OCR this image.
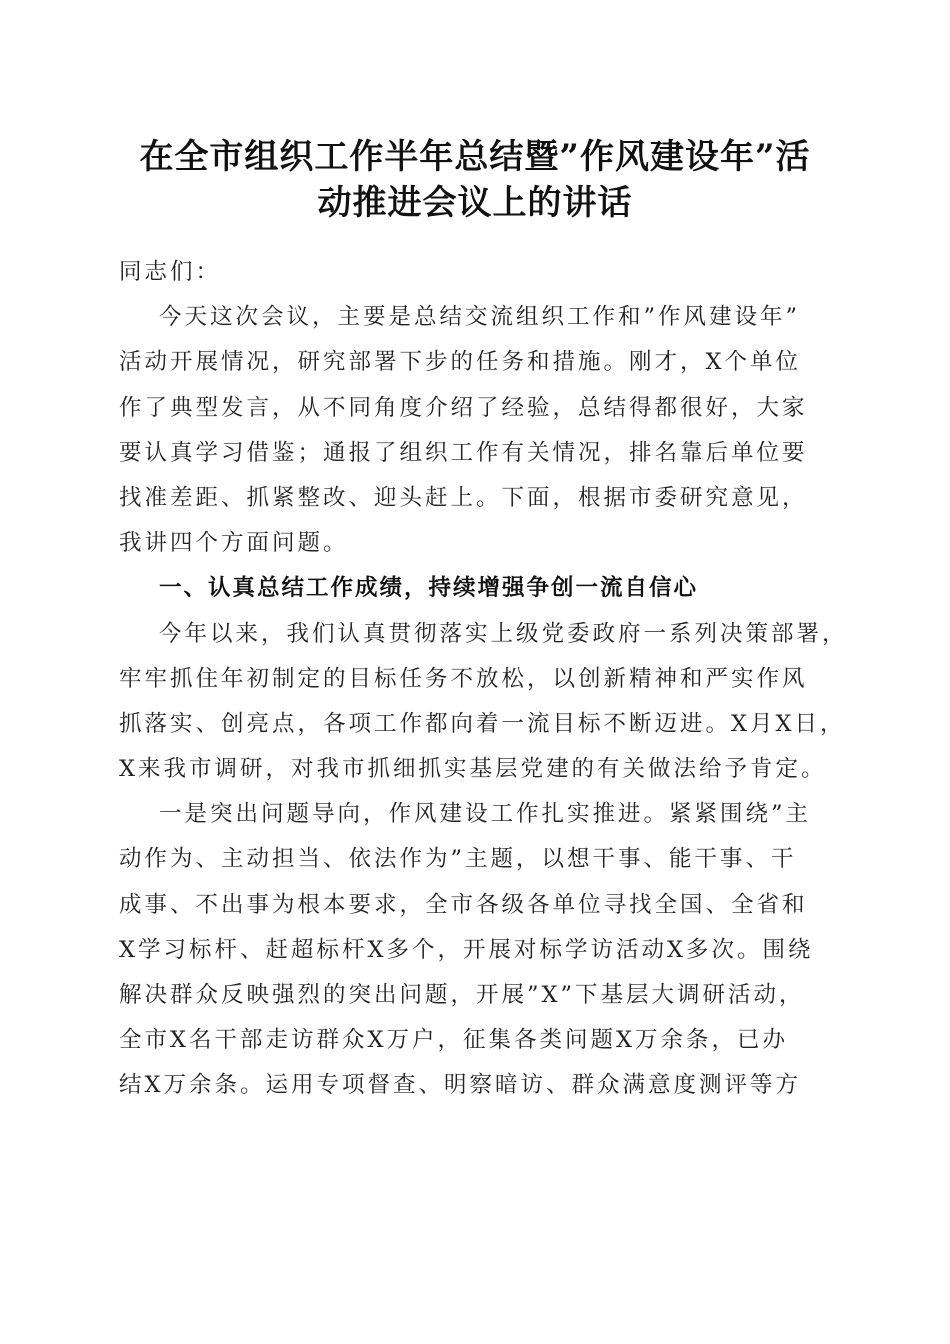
在全市组织工作半年总结暨”作风建设年”活
动推进会议上的讲话
同志们：
今天这次会议，主要是总结交流组织工作和”作风建设年”
活动开展情况，研究部署下步的任务和措施。刚才，X个单位
作了典型发言，从不同角度介绍了经验，总结得都很好，大家
要认真学习借鉴；通报了组织工作有关情况，排名靠后单位要
找准差距、抓紧整改、迎头赶上。下面，根据市委研究意见，
我讲四个方面问题。
一、认真总结工作成绩，持续增强争创一流自信心
今年以来，我们认真贯彻落实上级党委政府一系列决策部署，
牢牢抓住年初制定的目标任务不放松，以创新精神和严实作风
抓落实、创亮点，各项工作都向着一流目标不断迈进。X月X日，
X来我市调研，对我市抓细抓实基层党建的有关做法给予肯定。
一是突出问题导向，作风建设工作扎实推进。紧紧围绕”主
动作为、主动担当、依法作为”主题，以想干事、能干事、干
成事、不出事为根本要求，全市各级各单位寻找全国、全省和
X学习标杆、赶超标杆X多个，开展对标学访活动X多次。围绕
解决群众反映强烈的突出问题，开展”X”下基层大调研活动，
全市X名干部走访群众X万户，征集各类问题X万余条，已办
结X万余条。运用专项督查、明察暗访、群众满意度测评等方
